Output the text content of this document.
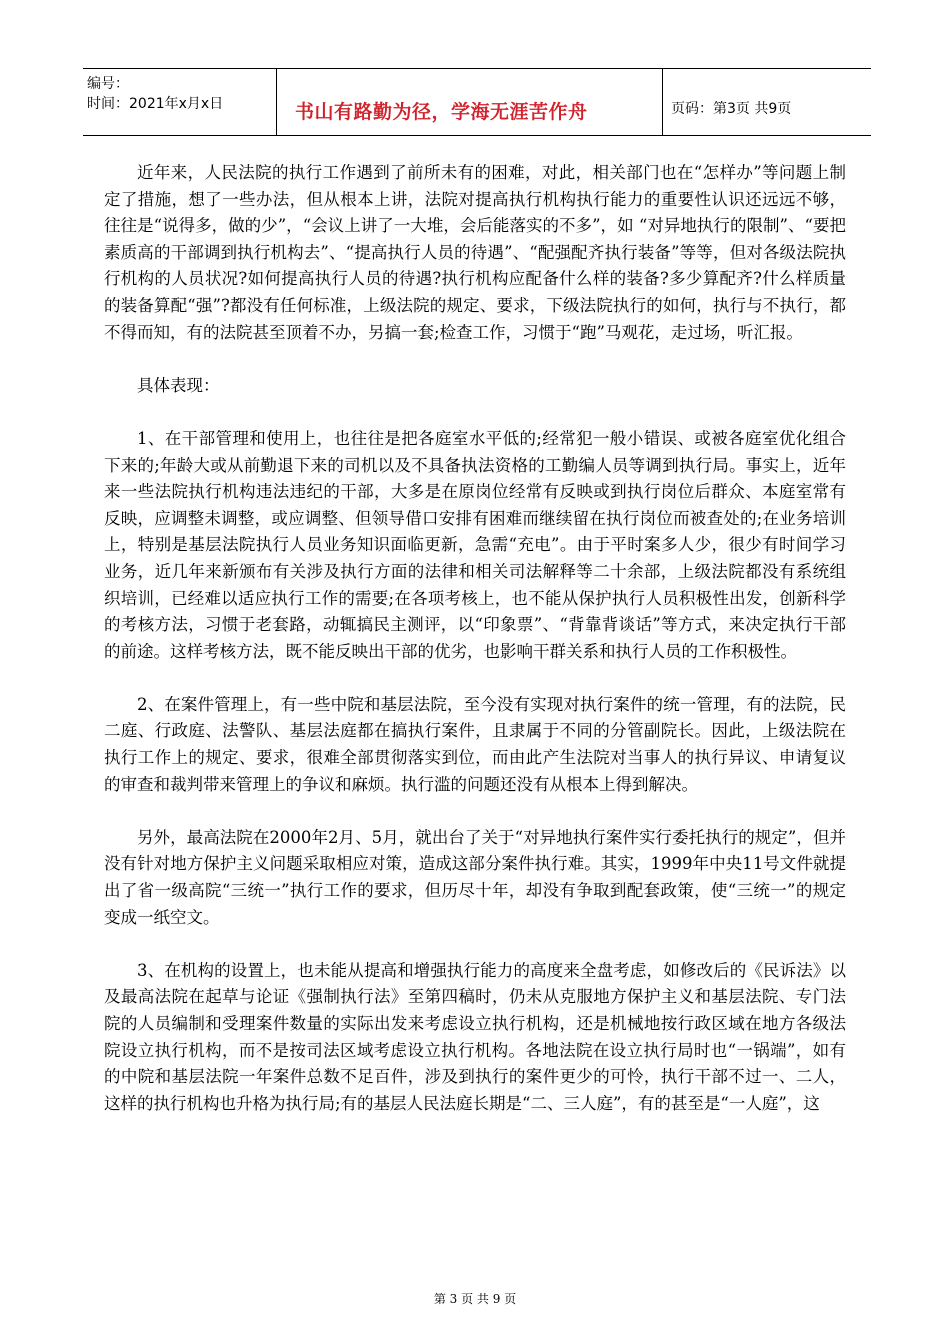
编号：
时间：2021年x月x日	书山有路勤为径，学海无涯苦作舟	页码：第3页 共9页

近年来，人民法院的执行工作遇到了前所未有的困难，对此，相关部门也在“怎样办”等问题上制定了措施，想了一些办法，但从根本上讲，法院对提高执行机构执行能力的重要性认识还远远不够，往往是“说得多，做的少”，“会议上讲了一大堆，会后能落实的不多”，如 “对异地执行的限制”、“要把素质高的干部调到执行机构去”、“提高执行人员的待遇”、“配强配齐执行装备”等等，但对各级法院执行机构的人员状况?如何提高执行人员的待遇?执行机构应配备什么样的装备?多少算配齐?什么样质量的装备算配“强”?都没有任何标准，上级法院的规定、要求，下级法院执行的如何，执行与不执行，都不得而知，有的法院甚至顶着不办，另搞一套;检查工作，习惯于“跑”马观花，走过场，听汇报。

具体表现：

1、在干部管理和使用上，也往往是把各庭室水平低的;经常犯一般小错误、或被各庭室优化组合下来的;年龄大或从前勤退下来的司机以及不具备执法资格的工勤编人员等调到执行局。事实上，近年来一些法院执行机构违法违纪的干部，大多是在原岗位经常有反映或到执行岗位后群众、本庭室常有反映，应调整未调整，或应调整、但领导借口安排有困难而继续留在执行岗位而被查处的;在业务培训上，特别是基层法院执行人员业务知识面临更新，急需“充电”。由于平时案多人少，很少有时间学习业务，近几年来新颁布有关涉及执行方面的法律和相关司法解释等二十余部，上级法院都没有系统组织培训，已经难以适应执行工作的需要;在各项考核上，也不能从保护执行人员积极性出发，创新科学的考核方法，习惯于老套路，动辄搞民主测评，以“印象票”、“背靠背谈话”等方式，来决定执行干部的前途。这样考核方法，既不能反映出干部的优劣，也影响干群关系和执行人员的工作积极性。

2、在案件管理上，有一些中院和基层法院，至今没有实现对执行案件的统一管理，有的法院，民二庭、行政庭、法警队、基层法庭都在搞执行案件，且隶属于不同的分管副院长。因此，上级法院在执行工作上的规定、要求，很难全部贯彻落实到位，而由此产生法院对当事人的执行异议、申请复议的审查和裁判带来管理上的争议和麻烦。执行滥的问题还没有从根本上得到解决。

另外，最高法院在2000年2月、5月，就出台了关于“对异地执行案件实行委托执行的规定”，但并没有针对地方保护主义问题采取相应对策，造成这部分案件执行难。其实，1999年中央11号文件就提出了省一级高院“三统一”执行工作的要求，但历尽十年，却没有争取到配套政策，使“三统一”的规定变成一纸空文。

3、在机构的设置上，也未能从提高和增强执行能力的高度来全盘考虑，如修改后的《民诉法》以及最高法院在起草与论证《强制执行法》至第四稿时，仍未从克服地方保护主义和基层法院、专门法院的人员编制和受理案件数量的实际出发来考虑设立执行机构，还是机械地按行政区域在地方各级法院设立执行机构，而不是按司法区域考虑设立执行机构。各地法院在设立执行局时也“一锅端”，如有的中院和基层法院一年案件总数不足百件，涉及到执行的案件更少的可怜，执行干部不过一、二人，这样的执行机构也升格为执行局;有的基层人民法庭长期是“二、三人庭”，有的甚至是“一人庭”，这

第 3 页 共 9 页
